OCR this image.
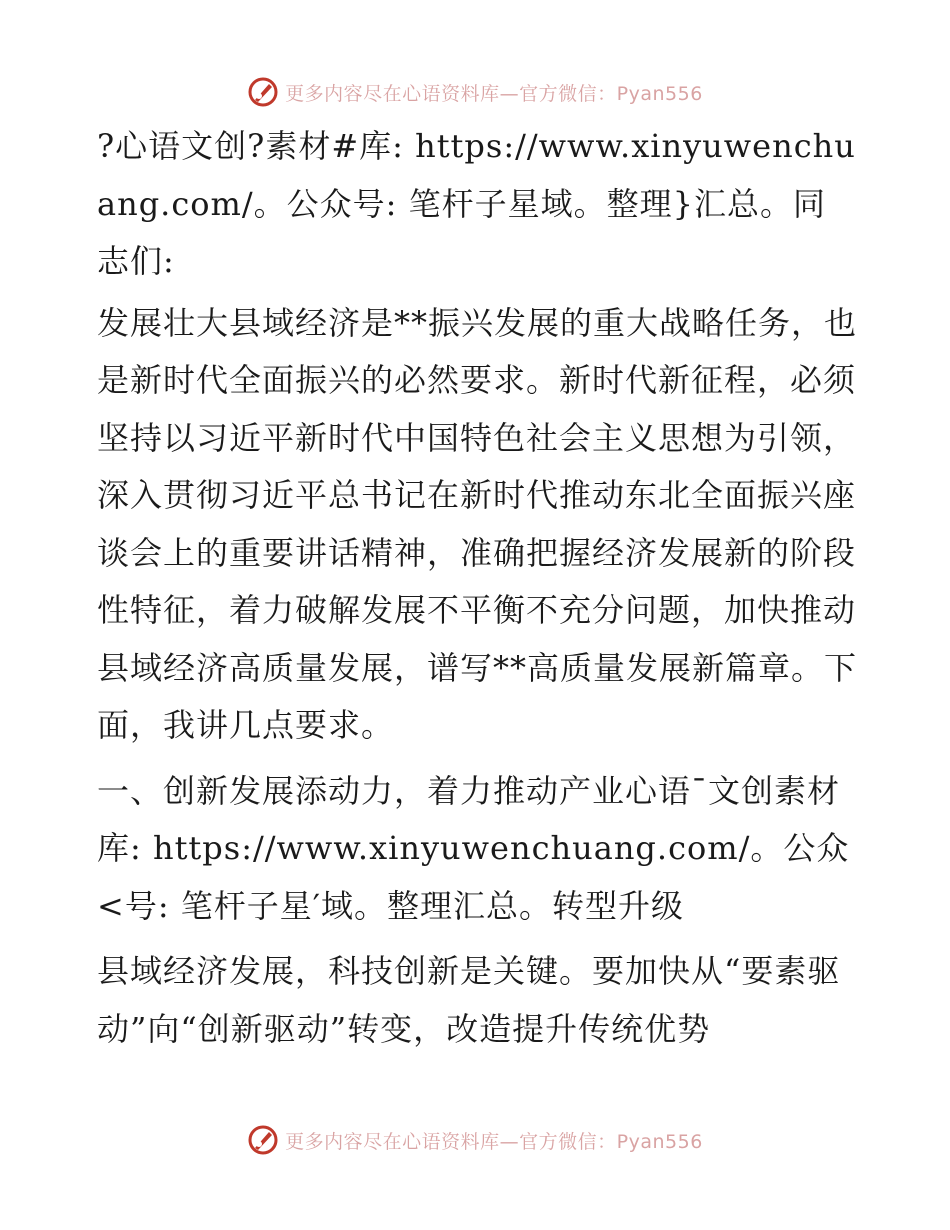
更多内容尽在心语资料库—官方微信：Pyan556

?心语文创?素材#库: https://www.xinyuwenchuang.com/。公众号: 笔杆子星域。整理}汇总。同志们:

发展壮大县域经济是**振兴发展的重大战略任务，也是新时代全面振兴的必然要求。新时代新征程，必须坚持以习近平新时代中国特色社会主义思想为引领，深入贯彻习近平总书记在新时代推动东北全面振兴座谈会上的重要讲话精神，准确把握经济发展新的阶段性特征，着力破解发展不平衡不充分问题，加快推动县域经济高质量发展，谱写**高质量发展新篇章。下面，我讲几点要求。

一、创新发展添动力，着力推动产业心语¯文创素材库: https://www.xinyuwenchuang.com/。公众<号: 笔杆子星′域。整理汇总。转型升级

县域经济发展，科技创新是关键。要加快从“要素驱动”向“创新驱动”转变，改造提升传统优势

更多内容尽在心语资料库—官方微信：Pyan556
